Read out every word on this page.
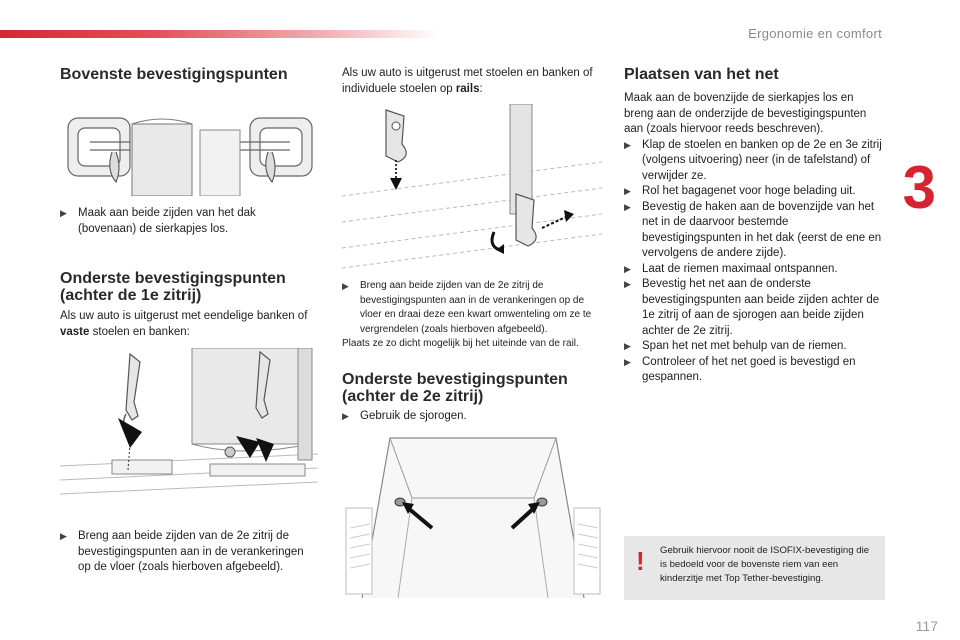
Ergonomie en comfort
3
117
Bovenste bevestigingspunten
▶ Maak aan beide zijden van het dak (bovenaan) de sierkapjes los.
Onderste bevestigingspunten (achter de 1e zitrij)
Als uw auto is uitgerust met eendelige banken of vaste stoelen en banken:
▶ Breng aan beide zijden van de 2e zitrij de bevestigingspunten aan in de verankeringen op de vloer (zoals hierboven afgebeeld).
Als uw auto is uitgerust met stoelen en banken of individuele stoelen op rails:
▶	Breng aan beide zijden van de 2e zitrij de bevestigingspunten aan in de verankeringen op de vloer en draai deze een kwart omwenteling om ze te vergrendelen (zoals hierboven afgebeeld).
Plaats ze zo dicht mogelijk bij het uiteinde van de rail.
Onderste bevestigingspunten (achter de 2e zitrij)
▶ Gebruik de sjorogen.
Plaatsen van het net
Maak aan de bovenzijde de sierkapjes los en breng aan de onderzijde de bevestigingspunten aan (zoals hiervoor reeds beschreven).
▶ Klap de stoelen en banken op de 2e en 3e zitrij (volgens uitvoering) neer (in de tafelstand) of verwijder ze.
▶ Rol het bagagenet voor hoge belading uit.
▶ Bevestig de haken aan de bovenzijde van het net in de daarvoor bestemde bevestigingspunten in het dak (eerst de ene en vervolgens de andere zijde).
▶ Laat de riemen maximaal ontspannen.
▶ Bevestig het net aan de onderste bevestigingspunten aan beide zijden achter de 1e zitrij of aan de sjorogen aan beide zijden achter de 2e zitrij.
▶ Span het net met behulp van de riemen.
▶ Controleer of het net goed is bevestigd en gespannen.
! Gebruik hiervoor nooit de ISOFIX-bevestiging die is bedoeld voor de bovenste riem van een kinderzitje met Top Tether-bevestiging.
